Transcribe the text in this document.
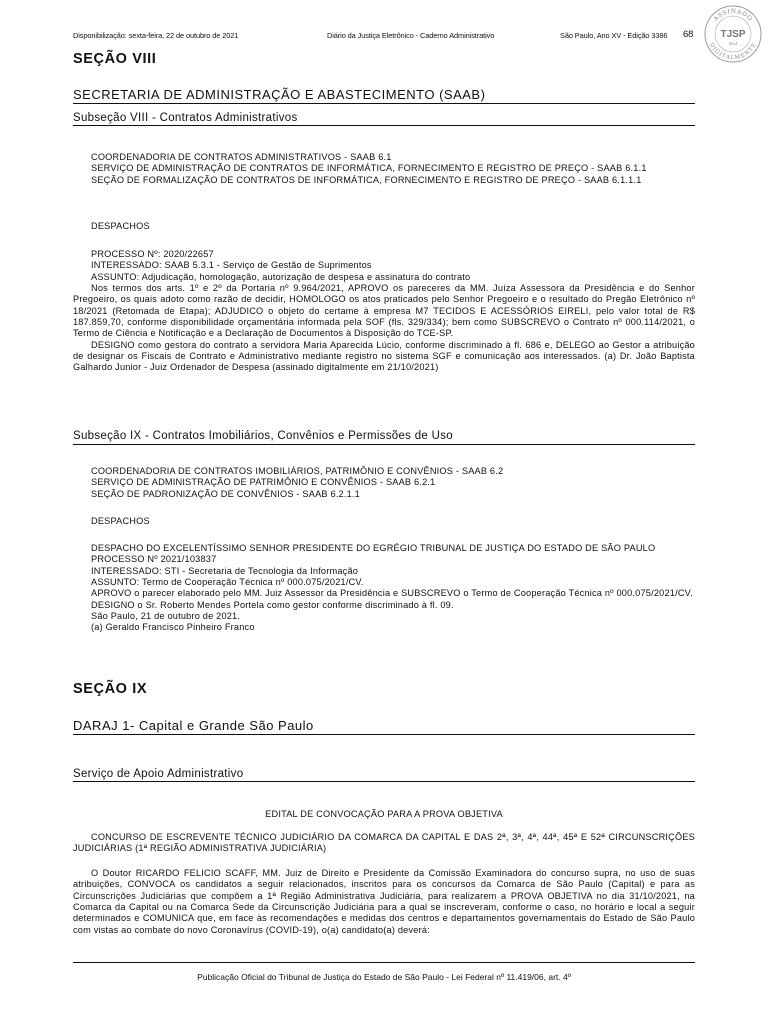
Disponibilização: sexta-feira, 22 de outubro de 2021	Diário da Justiça Eletrônico - Caderno Administrativo	São Paulo, Ano XV - Edição 3386 68
ASSINADO
DIGITALMENTE
TJSP
SAJ
SEÇÃO VIII
SECRETARIA DE ADMINISTRAÇÃO E ABASTECIMENTO (SAAB)
Subseção VIII - Contratos Administrativos
COORDENADORIA DE CONTRATOS ADMINISTRATIVOS - SAAB 6.1
SERVIÇO DE ADMINISTRAÇÃO DE CONTRATOS DE INFORMÁTICA, FORNECIMENTO E REGISTRO DE PREÇO - SAAB 6.1.1
SEÇÃO DE FORMALIZAÇÃO DE CONTRATOS DE INFORMÁTICA, FORNECIMENTO E REGISTRO DE PREÇO - SAAB 6.1.1.1
DESPACHOS
PROCESSO Nº: 2020/22657
INTERESSADO: SAAB 5.3.1 - Serviço de Gestão de Suprimentos
ASSUNTO: Adjudicação, homologação, autorização de despesa e assinatura do contrato
Nos termos dos arts. 1º e 2º da Portaria nº 9.964/2021, APROVO os pareceres da MM. Juíza Assessora da Presidência e do Senhor Pregoeiro, os quais adoto como razão de decidir, HOMOLOGO os atos praticados pelo Senhor Pregoeiro e o resultado do Pregão Eletrônico nº 18/2021 (Retomada de Etapa); ADJUDICO o objeto do certame à empresa M7 TECIDOS E ACESSÓRIOS EIRELI, pelo valor total de R$ 187.859,70, conforme disponibilidade orçamentária informada pela SOF (fls. 329/334); bem como SUBSCREVO o Contrato nº 000.114/2021, o Termo de Ciência e Notificação e a Declaração de Documentos à Disposição do TCE-SP.
DESIGNO como gestora do contrato a servidora Maria Aparecida Lúcio, conforme discriminado à fl. 686 e, DELEGO ao Gestor a atribuição de designar os Fiscais de Contrato e Administrativo mediante registro no sistema SGF e comunicação aos interessados. (a) Dr. João Baptista Galhardo Junior - Juiz Ordenador de Despesa (assinado digitalmente em 21/10/2021)
Subseção IX - Contratos Imobiliários, Convênios e Permissões de Uso
COORDENADORIA DE CONTRATOS IMOBILIÁRIOS, PATRIMÔNIO E CONVÊNIOS - SAAB 6.2
SERVIÇO DE ADMINISTRAÇÃO DE PATRIMÔNIO E CONVÊNIOS - SAAB 6.2.1
SEÇÃO DE PADRONIZAÇÃO DE CONVÊNIOS - SAAB 6.2.1.1
DESPACHOS
DESPACHO DO EXCELENTÍSSIMO SENHOR PRESIDENTE DO EGRÉGIO TRIBUNAL DE JUSTIÇA DO ESTADO DE SÃO PAULO
PROCESSO Nº 2021/103837
INTERESSADO: STI - Secretaria de Tecnologia da Informação
ASSUNTO: Termo de Cooperação Técnica nº 000.075/2021/CV.
APROVO o parecer elaborado pelo MM. Juiz Assessor da Presidência e SUBSCREVO o Termo de Cooperação Técnica nº 000.075/2021/CV.
DESIGNO o Sr. Roberto Mendes Portela como gestor conforme discriminado à fl. 09.
São Paulo, 21 de outubro de 2021.
(a) Geraldo Francisco Pinheiro Franco
SEÇÃO IX
DARAJ 1- Capital e Grande São Paulo
Serviço de Apoio Administrativo
EDITAL DE CONVOCAÇÃO PARA A PROVA OBJETIVA
CONCURSO DE ESCREVENTE TÉCNICO JUDICIÁRIO DA COMARCA DA CAPITAL E DAS 2ª, 3ª, 4ª, 44ª, 45ª E 52ª CIRCUNSCRIÇÕES JUDICIÁRIAS (1ª REGIÃO ADMINISTRATIVA JUDICIÁRIA)
O Doutor RICARDO FELICIO SCAFF, MM. Juiz de Direito e Presidente da Comissão Examinadora do concurso supra, no uso de suas atribuições, CONVOCA os candidatos a seguir relacionados, inscritos para os concursos da Comarca de São Paulo (Capital) e para as Circunscrições Judiciárias que compõem a 1ª Região Administrativa Judiciária, para realizarem a PROVA OBJETIVA no dia 31/10/2021, na Comarca da Capital ou na Comarca Sede da Circunscrição Judiciária para a qual se inscreveram, conforme o caso, no horário e local a seguir determinados e COMUNICA que, em face às recomendações e medidas dos centros e departamentos governamentais do Estado de São Paulo com vistas ao combate do novo Coronavírus (COVID-19), o(a) candidato(a) deverá:
Publicação Oficial do Tribunal de Justiça do Estado de São Paulo - Lei Federal nº 11.419/06, art. 4º
